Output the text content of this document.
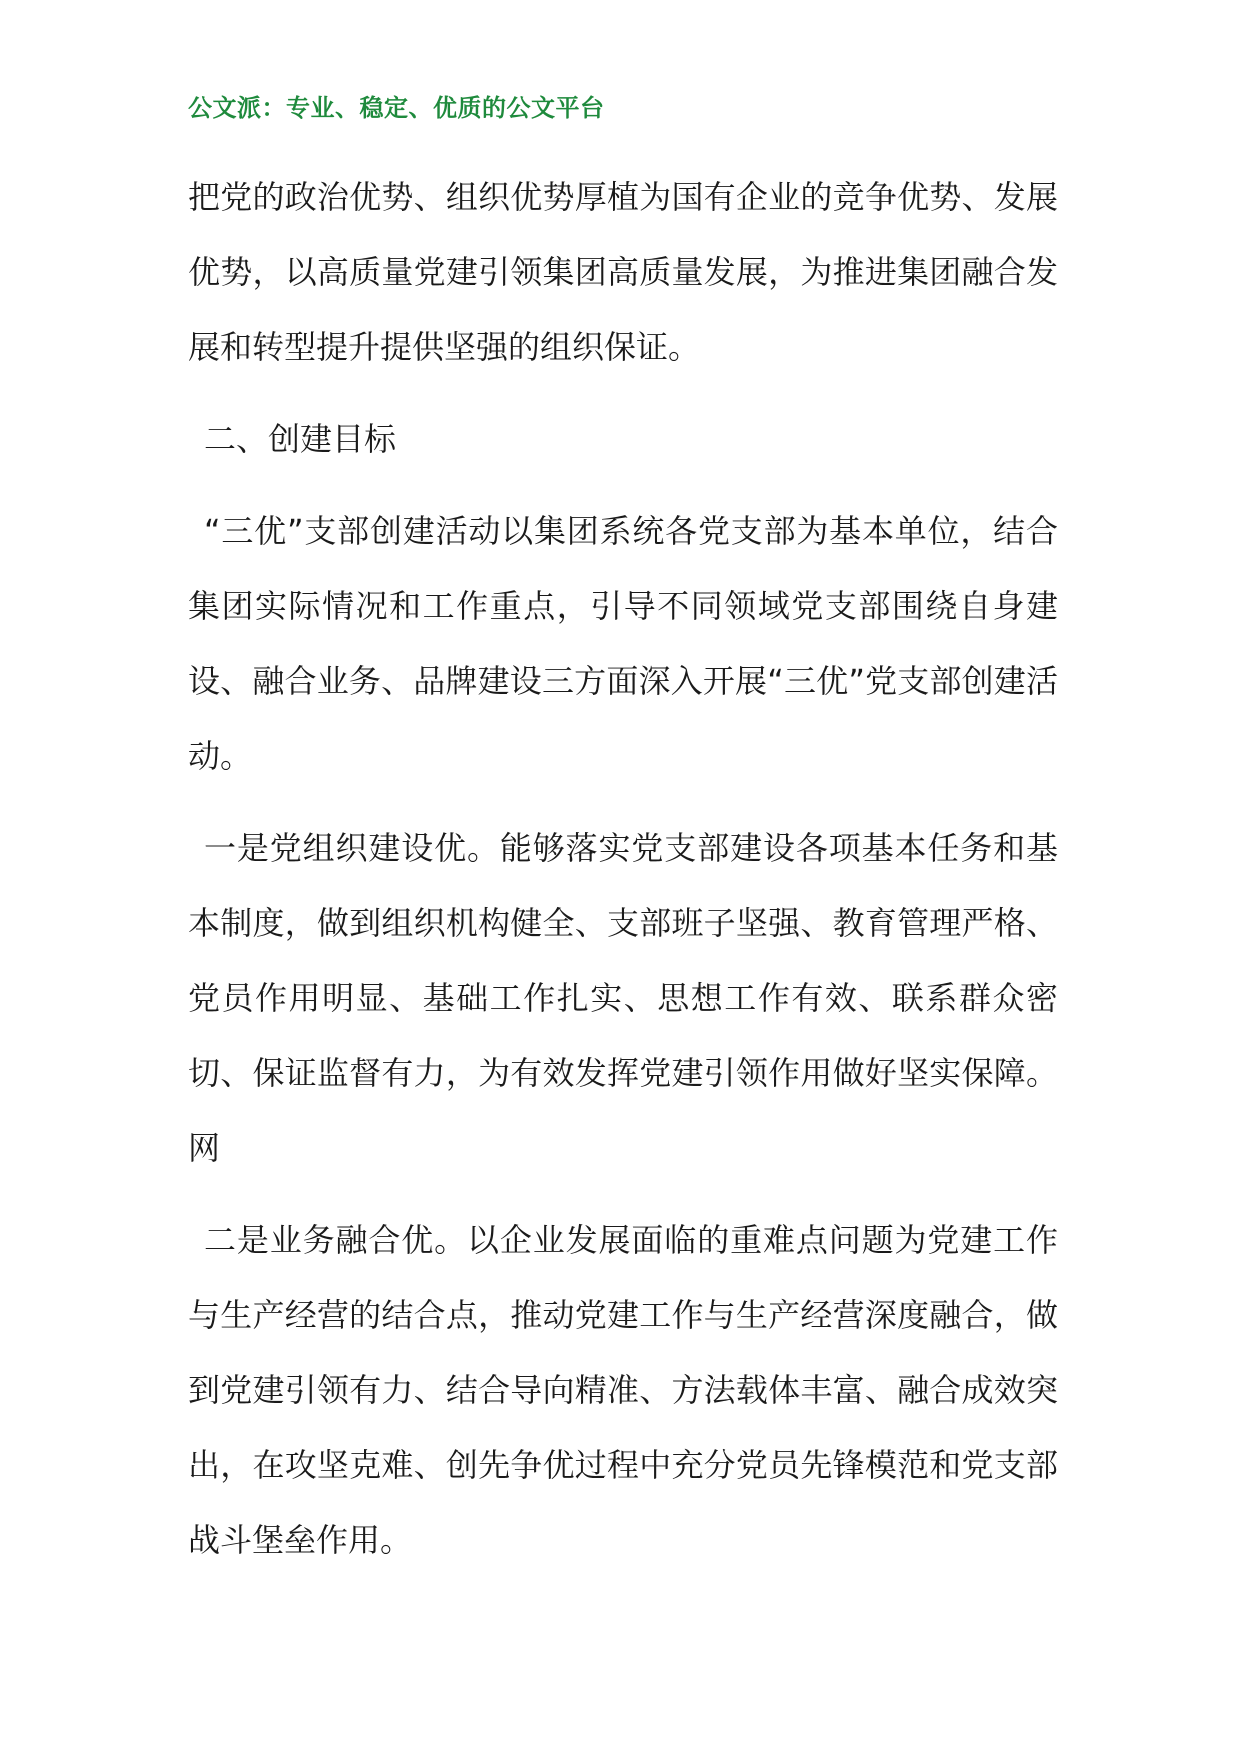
公文派：专业、稳定、优质的公文平台

把党的政治优势、组织优势厚植为国有企业的竞争优势、发展优势，以高质量党建引领集团高质量发展，为推进集团融合发展和转型提升提供坚强的组织保证。

二、创建目标

“三优”支部创建活动以集团系统各党支部为基本单位，结合集团实际情况和工作重点，引导不同领域党支部围绕自身建设、融合业务、品牌建设三方面深入开展“三优”党支部创建活动。

一是党组织建设优。能够落实党支部建设各项基本任务和基本制度，做到组织机构健全、支部班子坚强、教育管理严格、党员作用明显、基础工作扎实、思想工作有效、联系群众密切、保证监督有力，为有效发挥党建引领作用做好坚实保障。网

二是业务融合优。以企业发展面临的重难点问题为党建工作与生产经营的结合点，推动党建工作与生产经营深度融合，做到党建引领有力、结合导向精准、方法载体丰富、融合成效突出，在攻坚克难、创先争优过程中充分党员先锋模范和党支部战斗堡垒作用。
